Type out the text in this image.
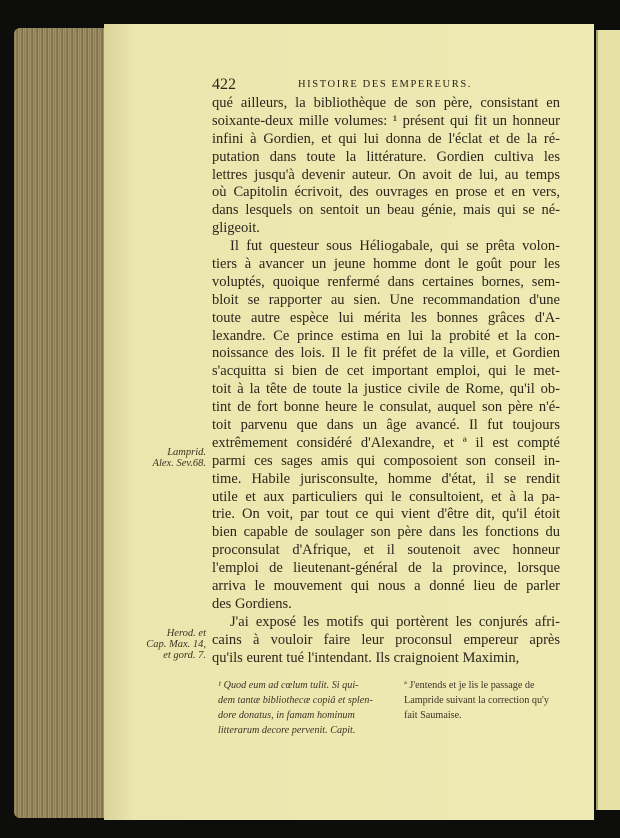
422	HISTOIRE DES EMPEREURS.
qué ailleurs, la bibliothèque de son père, consistant en
soixante-deux mille volumes: ¹ présent qui fit un honneur
infini à Gordien, et qui lui donna de l'éclat et de la ré-
putation dans toute la littérature. Gordien cultiva les
lettres jusqu'à devenir auteur. On avoit de lui, au temps
où Capitolin écrivoit, des ouvrages en prose et en vers,
dans lesquels on sentoit un beau génie, mais qui se né-
gligeoit.
Il fut questeur sous Héliogabale, qui se prêta volon-
tiers à avancer un jeune homme dont le goût pour les
voluptés, quoique renfermé dans certaines bornes, sem-
bloit se rapporter au sien. Une recommandation d'une
toute autre espèce lui mérita les bonnes grâces d'A-
lexandre. Ce prince estima en lui la probité et la con-
noissance des lois. Il le fit préfet de la ville, et Gordien
s'acquitta si bien de cet important emploi, qui le met-
toit à la tête de toute la justice civile de Rome, qu'il ob-
tint de fort bonne heure le consulat, auquel son père n'é-
toit parvenu que dans un âge avancé. Il fut toujours
extrêmement considéré d'Alexandre, et ª il est compté
parmi ces sages amis qui composoient son conseil in-
time. Habile jurisconsulte, homme d'état, il se rendit
utile et aux particuliers qui le consultoient, et à la pa-
trie. On voit, par tout ce qui vient d'être dit, qu'il étoit
bien capable de soulager son père dans les fonctions du
proconsulat d'Afrique, et il soutenoit avec honneur
l'emploi de lieutenant-général de la province, lorsque
arriva le mouvement qui nous a donné lieu de parler
des Gordiens.
J'ai exposé les motifs qui portèrent les conjurés afri-
cains à vouloir faire leur proconsul empereur après
qu'ils eurent tué l'intendant. Ils craignoient Maximin,
Lamprid.
Alex. Sev.68.
Herod. et
Cap. Max. 14,
et gord. 7.
¹ Quod eum ad cœlum tulit. Si qui-
dem tantæ bibliothecæ copiâ et splen-
dore donatus, in famam hominum
litterarum decore pervenit. Capit.
ª J'entends et je lis le passage de
Lampride suivant la correction qu'y
fait Saumaise.
